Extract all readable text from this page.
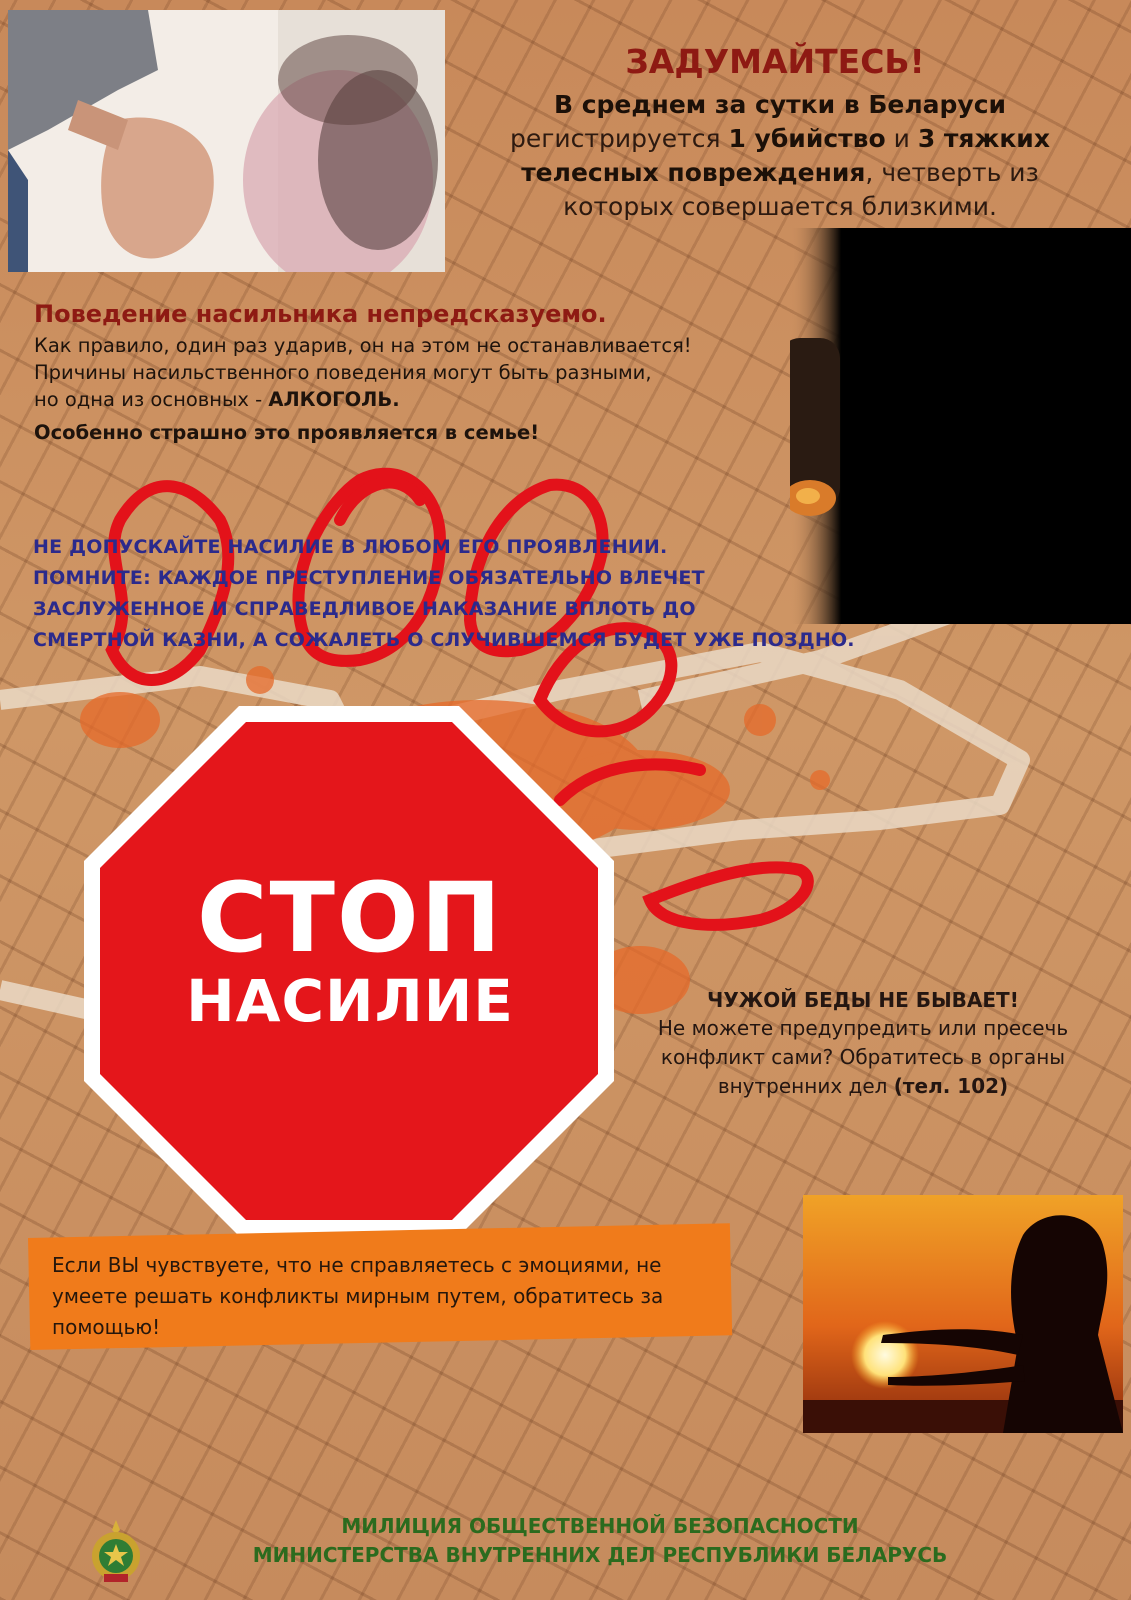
ЗАДУМАЙТЕСЬ!
В среднем за сутки в Беларуси
регистрируется 1 убийство и 3 тяжких телесных повреждения, четверть из которых совершается близкими.
Поведение насильника непредсказуемо.

Как правило, один раз ударив, он на этом не останавливается!

Причины насильственного поведения могут быть разными,

но одна из основных - АЛКОГОЛЬ.

Особенно страшно это проявляется в семье!

НЕ ДОПУСКАЙТЕ НАСИЛИЕ В ЛЮБОМ ЕГО ПРОЯВЛЕНИИ.
ПОМНИТЕ: КАЖДОЕ ПРЕСТУПЛЕНИЕ ОБЯЗАТЕЛЬНО ВЛЕЧЕТ
ЗАСЛУЖЕННОЕ И СПРАВЕДЛИВОЕ НАКАЗАНИЕ ВПЛОТЬ ДО
СМЕРТНОЙ КАЗНИ, А СОЖАЛЕТЬ О СЛУЧИВШЕМСЯ БУДЕТ УЖЕ ПОЗДНО.
СТОП
НАСИЛИЕ	ЧУЖОЙ БЕДЫ НЕ БЫВАЕТ!
Не можете предупредить или пресечь конфликт сами? Обратитесь в органы внутренних дел (тел. 102)
Если ВЫ чувствуете, что не справляетесь с эмоциями, не умеете решать конфликты мирным путем, обратитесь за помощью!
МИЛИЦИЯ ОБЩЕСТВЕННОЙ БЕЗОПАСНОСТИ
МИНИСТЕРСТВА ВНУТРЕННИХ ДЕЛ РЕСПУБЛИКИ БЕЛАРУСЬ
